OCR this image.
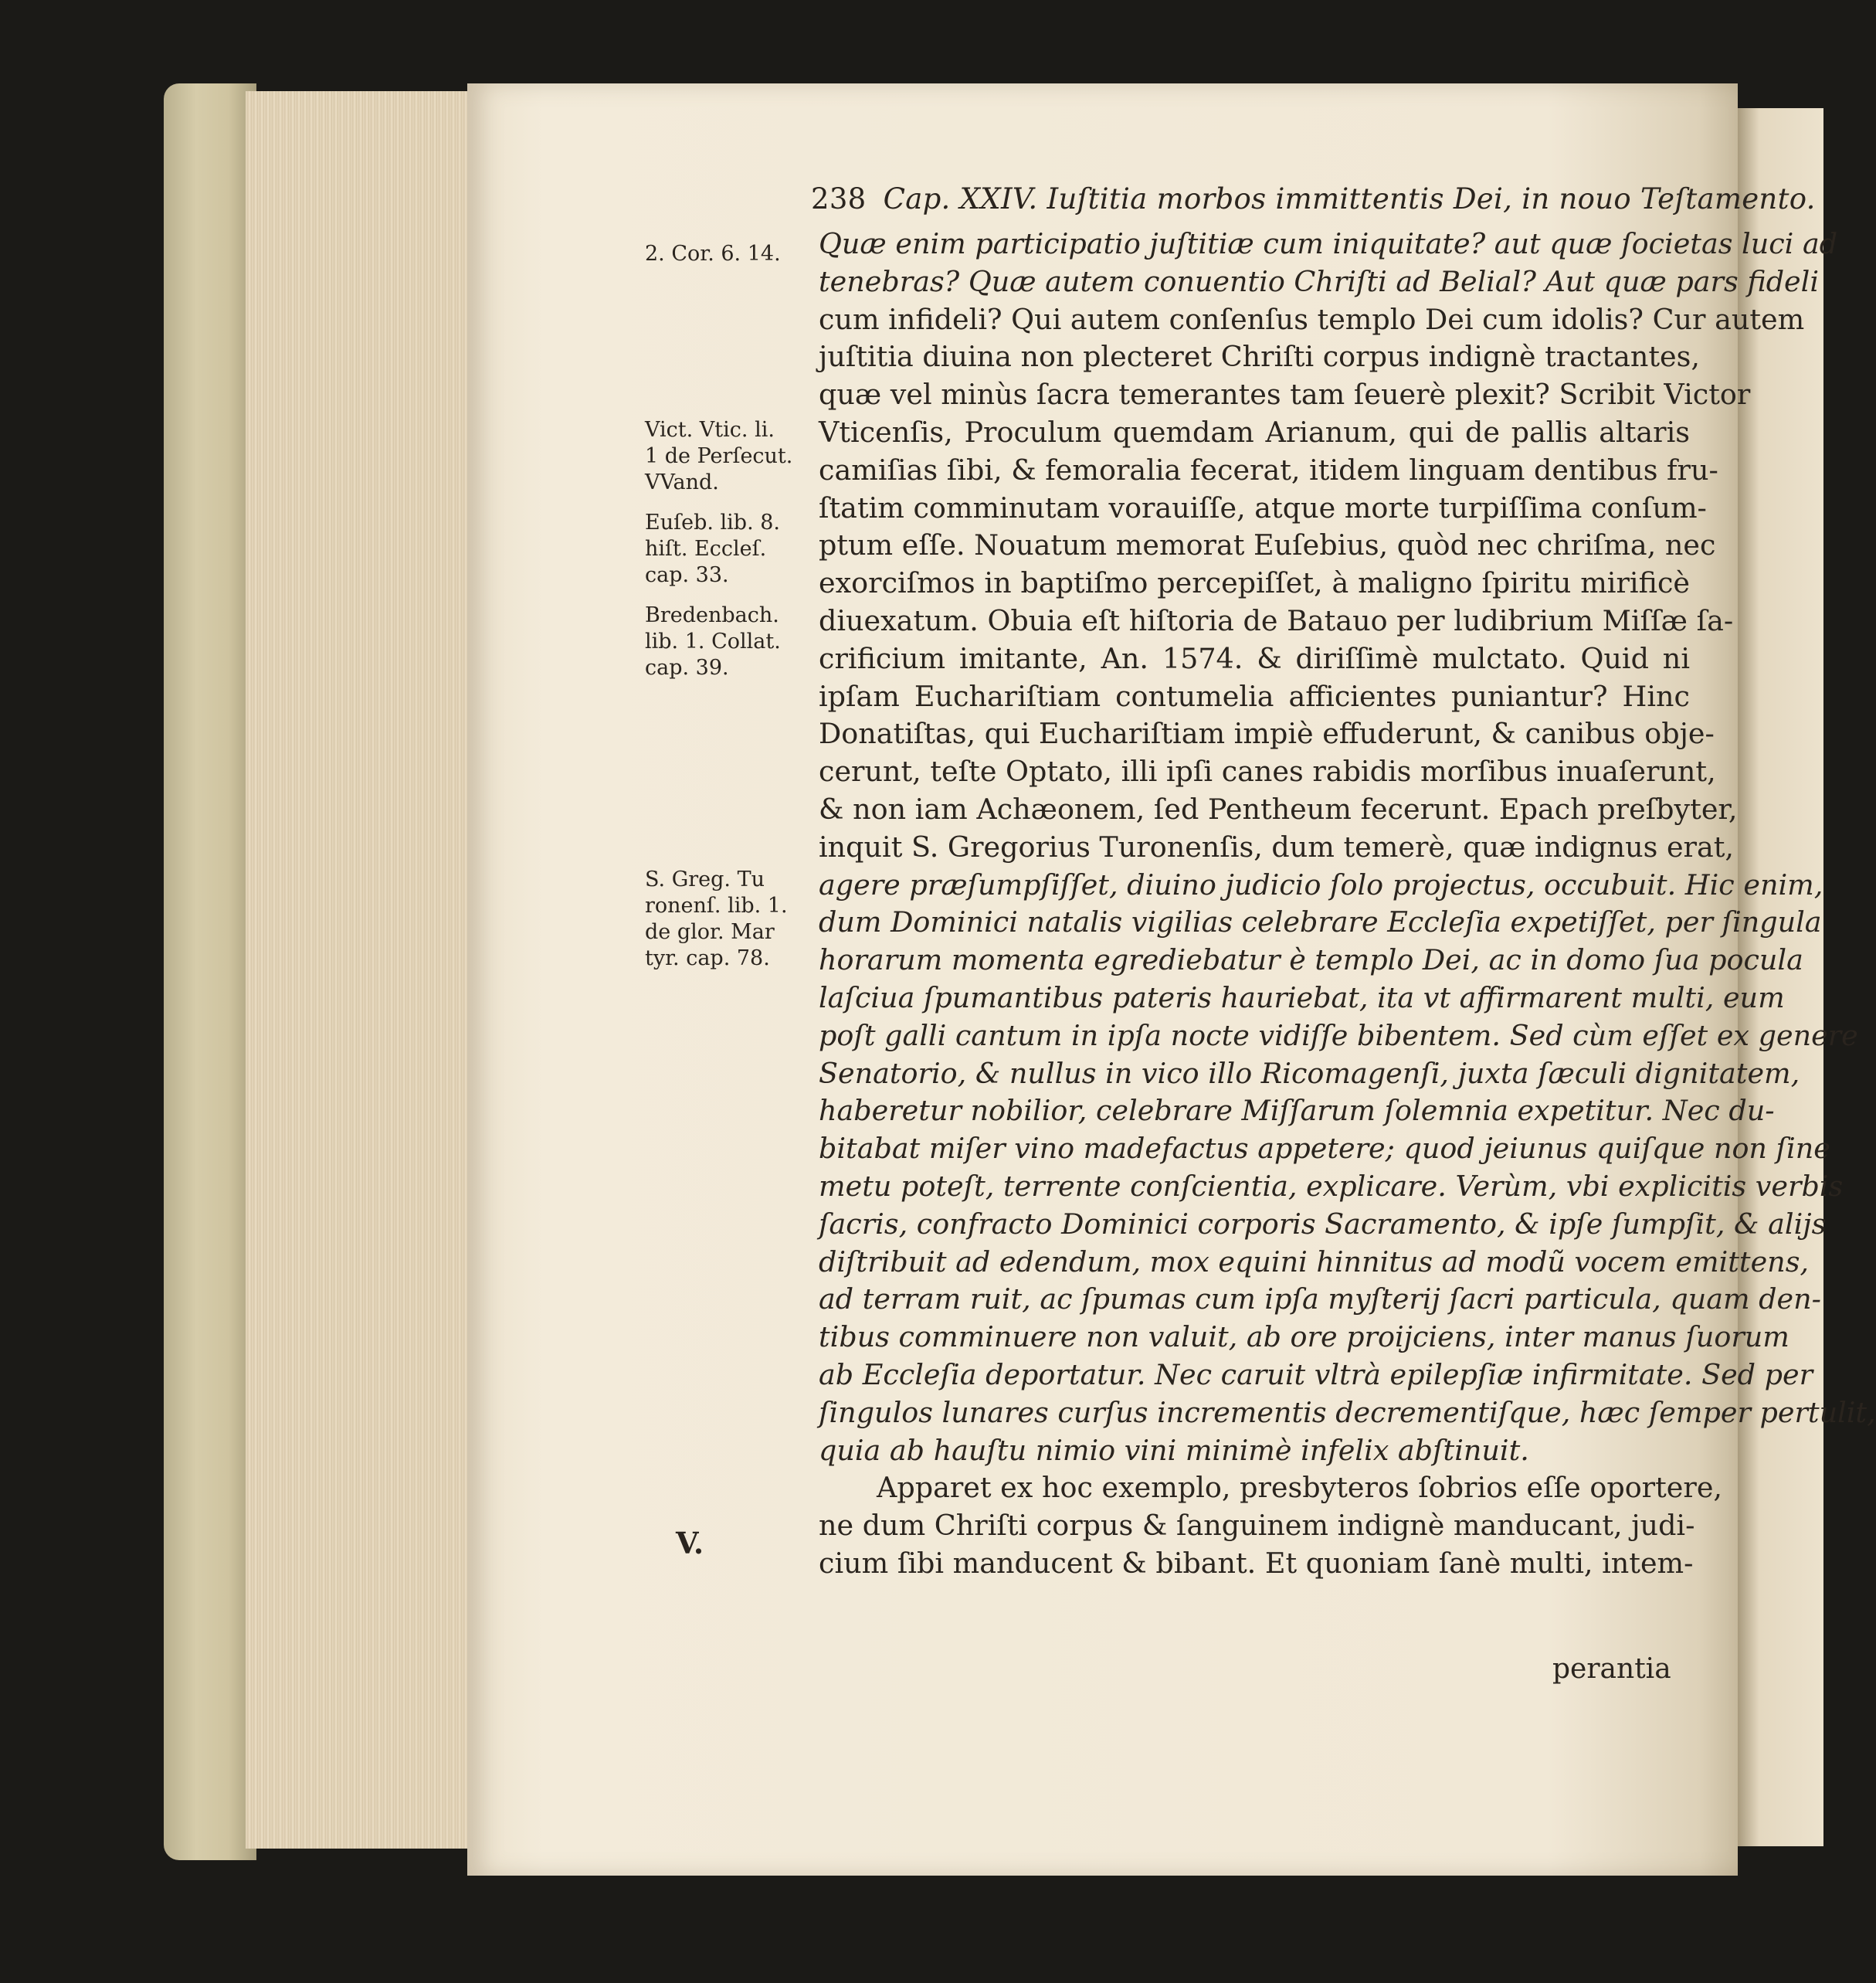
238 Cap. XXIV. Iuſtitia morbos immittentis Dei, in nouo Teſtamento.
2. Cor. 6. 14.
Vict. Vtic. li.
1 de Perſecut.
VVand.
Euſeb. lib. 8.
hiſt. Eccleſ.
cap. 33.
Bredenbach.
lib. 1. Collat.
cap. 39.
S. Greg. Tu
ronenſ. lib. 1.
de glor. Mar
tyr. cap. 78.
Quæ enim participatio juſtitiæ cum iniquitate? aut quæ ſocietas luci ad
tenebras? Quæ autem conuentio Chriſti ad Belial? Aut quæ pars fideli
cum infideli? Qui autem conſenſus templo Dei cum idolis? Cur autem
juſtitia diuina non plecteret Chriſti corpus indignè tractantes,
quæ vel minùs ſacra temerantes tam ſeuerè plexit? Scribit Victor
Vticenſis, Proculum quemdam Arianum, qui de pallis altaris
camiſias ſibi, & femoralia fecerat, itidem linguam dentibus fru-
ſtatim comminutam vorauiſſe, atque morte turpiſſima conſum-
ptum eſſe. Nouatum memorat Euſebius, quòd nec chriſma, nec
exorciſmos in baptiſmo percepiſſet, à maligno ſpiritu mirificè
diuexatum. Obuia eſt hiſtoria de Batauo per ludibrium Miſſæ ſa-
crificium imitante, An. 1574. & diriſſimè mulctato. Quid ni
ipſam Euchariſtiam contumelia afficientes puniantur? Hinc
Donatiſtas, qui Euchariſtiam impiè effuderunt, & canibus obje-
cerunt, teſte Optato, illi ipſi canes rabidis morſibus inuaſerunt,
& non iam Achæonem, ſed Pentheum fecerunt. Epach preſbyter,
inquit S. Gregorius Turonenſis, dum temerè, quæ indignus erat,
agere præſumpſiſſet, diuino judicio ſolo projectus, occubuit. Hic enim,
dum Dominici natalis vigilias celebrare Eccleſia expetiſſet, per ſingula
horarum momenta egrediebatur è templo Dei, ac in domo ſua pocula
laſciua ſpumantibus pateris hauriebat, ita vt affirmarent multi, eum
poſt galli cantum in ipſa nocte vidiſſe bibentem. Sed cùm eſſet ex genere
Senatorio, & nullus in vico illo Ricomagenſi, juxta ſæculi dignitatem,
haberetur nobilior, celebrare Miſſarum ſolemnia expetitur. Nec du-
bitabat miſer vino madefactus appetere; quod jeiunus quiſque non ſine
metu poteſt, terrente conſcientia, explicare. Verùm, vbi explicitis verbis
ſacris, confracto Dominici corporis Sacramento, & ipſe ſumpſit, & alijs
diſtribuit ad edendum, mox equini hinnitus ad modũ vocem emittens,
ad terram ruit, ac ſpumas cum ipſa myſterij ſacri particula, quam den-
tibus comminuere non valuit, ab ore proijciens, inter manus ſuorum
ab Eccleſia deportatur. Nec caruit vltrà epilepſiæ infirmitate. Sed per
ſingulos lunares curſus incrementis decrementiſque, hæc ſemper pertulit,
quia ab hauſtu nimio vini minimè infelix abſtinuit.
Apparet ex hoc exemplo, presbyteros ſobrios eſſe oportere,
ne dum Chriſti corpus & ſanguinem indignè manducant, judi-
cium ſibi manducent & bibant. Et quoniam ſanè multi, intem-
V.
perantia
